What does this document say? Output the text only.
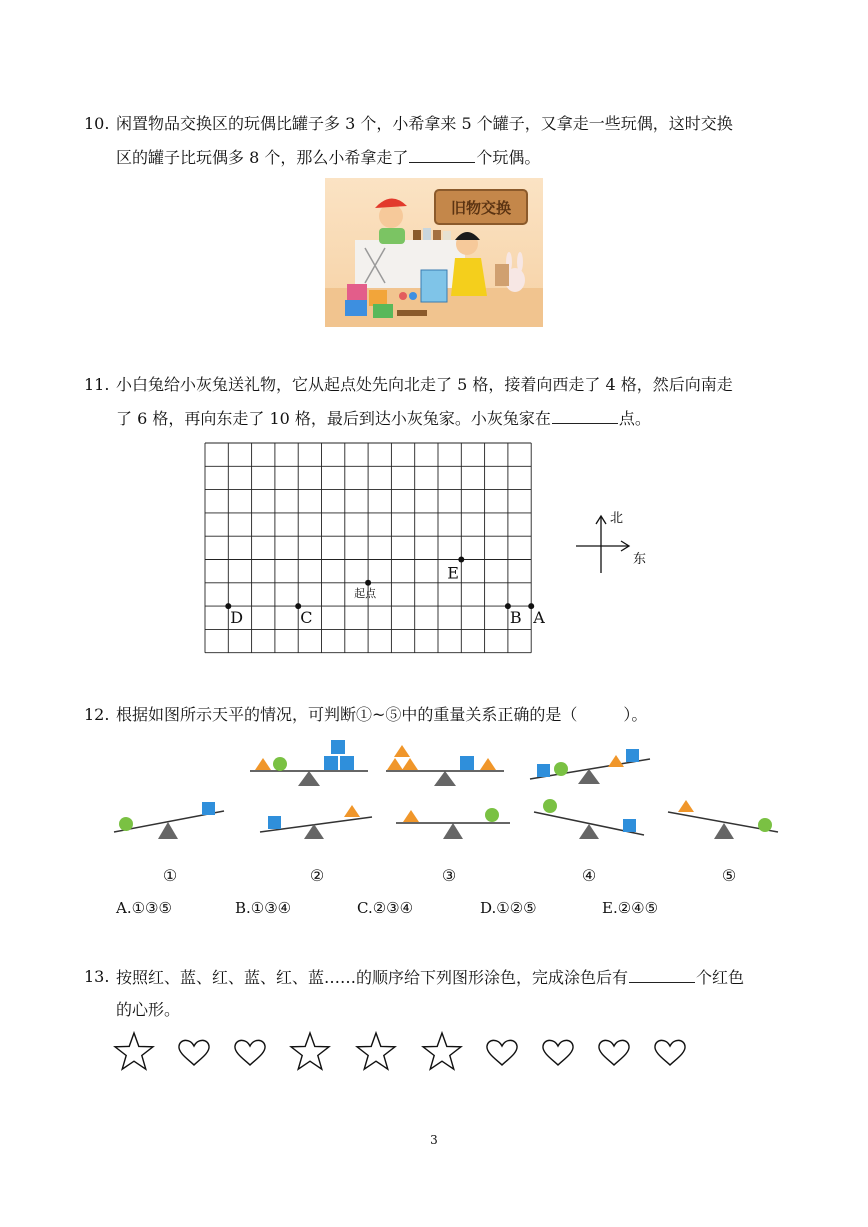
10. 闲置物品交换区的玩偶比罐子多 3 个，小希拿来 5 个罐子，又拿走一些玩偶，这时交换
区的罐子比玩偶多 8 个，那么小希拿走了	个玩偶。
旧物交换
11. 小白兔给小灰兔送礼物，它从起点处先向北走了 5 格，接着向西走了 4 格，然后向南走
了 6 格，再向东走了 10 格，最后到达小灰兔家。小灰兔家在	点。
起点
E
D	C	B A
北
东
12. 根据如图所示天平的情况，可判断①~⑤中的重量关系正确的是（	）。
①	②	③	④	⑤
A.①③⑤	B.①③④	C.②③④	D.①②⑤	E.②④⑤
13. 按照红、蓝、红、蓝、红、蓝……的顺序给下列图形涂色，完成涂色后有	个红色
的心形。
3
